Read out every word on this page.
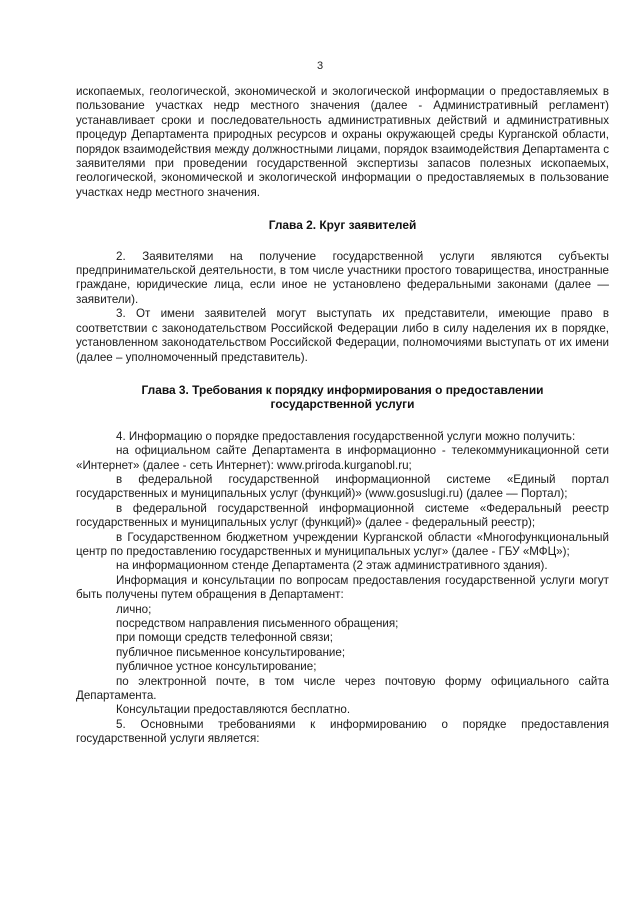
3

ископаемых, геологической, экономической и экологической информации о предоставляемых в пользование участках недр местного значения (далее - Административный регламент) устанавливает сроки и последовательность административных действий и административных процедур Департамента природных ресурсов и охраны окружающей среды Курганской области, порядок взаимодействия между должностными лицами, порядок взаимодействия Департамента с заявителями при проведении государственной экспертизы запасов полезных ископаемых, геологической, экономической и экологической информации о предоставляемых в пользование участках недр местного значения.

Глава 2. Круг заявителей

2. Заявителями на получение государственной услуги являются субъекты предпринимательской деятельности, в том числе участники простого товарищества, иностранные граждане, юридические лица, если иное не установлено федеральными законами (далее — заявители).

3. От имени заявителей могут выступать их представители, имеющие право в соответствии с законодательством Российской Федерации либо в силу наделения их в порядке, установленном законодательством Российской Федерации, полномочиями выступать от их имени (далее – уполномоченный представитель).

Глава 3. Требования к порядку информирования о предоставлении государственной услуги

4. Информацию о порядке предоставления государственной услуги можно получить:

на официальном сайте Департамента в информационно - телекоммуникационной сети «Интернет» (далее - сеть Интернет): www.priroda.kurganobl.ru;

в федеральной государственной информационной системе «Единый портал государственных и муниципальных услуг (функций)» (www.gosuslugi.ru) (далее — Портал);

в федеральной государственной информационной системе «Федеральный реестр государственных и муниципальных услуг (функций)» (далее - федеральный реестр);

в Государственном бюджетном учреждении Курганской области «Многофункциональный центр по предоставлению государственных и муниципальных услуг» (далее - ГБУ «МФЦ»);

на информационном стенде Департамента (2 этаж административного здания).

Информация и консультации по вопросам предоставления государственной услуги могут быть получены путем обращения в Департамент:

лично;

посредством направления письменного обращения;

при помощи средств телефонной связи;

публичное письменное консультирование;

публичное устное консультирование;

по электронной почте, в том числе через почтовую форму официального сайта Департамента.

Консультации предоставляются бесплатно.

5. Основными требованиями к информированию о порядке предоставления государственной услуги является:
